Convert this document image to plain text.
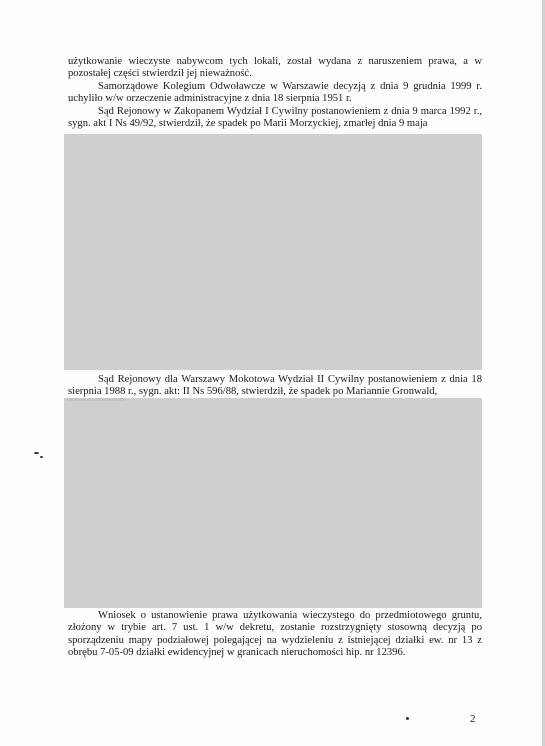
użytkowanie wieczyste nabywcom tych lokali, został wydana z naruszeniem prawa, a w pozostałej części stwierdził jej nieważność.

Samorządowe Kolegium Odwoławcze w Warszawie decyzją z dnia 9 grudnia 1999 r. uchyliło w/w orzeczenie administracyjne z dnia 18 sierpnia 1951 r.

Sąd Rejonowy w Zakopanem Wydział I Cywilny postanowieniem z dnia 9 marca 1992 r., sygn. akt I Ns 49/92, stwierdził, że spadek po Marii Morzyckiej, zmarłej dnia 9 maja

Sąd Rejonowy dla Warszawy Mokotowa Wydział II Cywilny postanowieniem z dnia 18 sierpnia 1988 r., sygn. akt: II Ns 596/88, stwierdził, że spadek po Mariannie Gronwald,

Wniosek o ustanowienie prawa użytkowania wieczystego do przedmiotowego gruntu, złożony w trybie art. 7 ust. 1 w/w dekretu, zostanie rozstrzygnięty stosowną decyzją po sporządzeniu mapy podziałowej polegającej na wydzieleniu z istniejącej działki ew. nr 13 z obrębu 7-05-09 działki ewidencyjnej w granicach nieruchomości hip. nr 12396.

2
